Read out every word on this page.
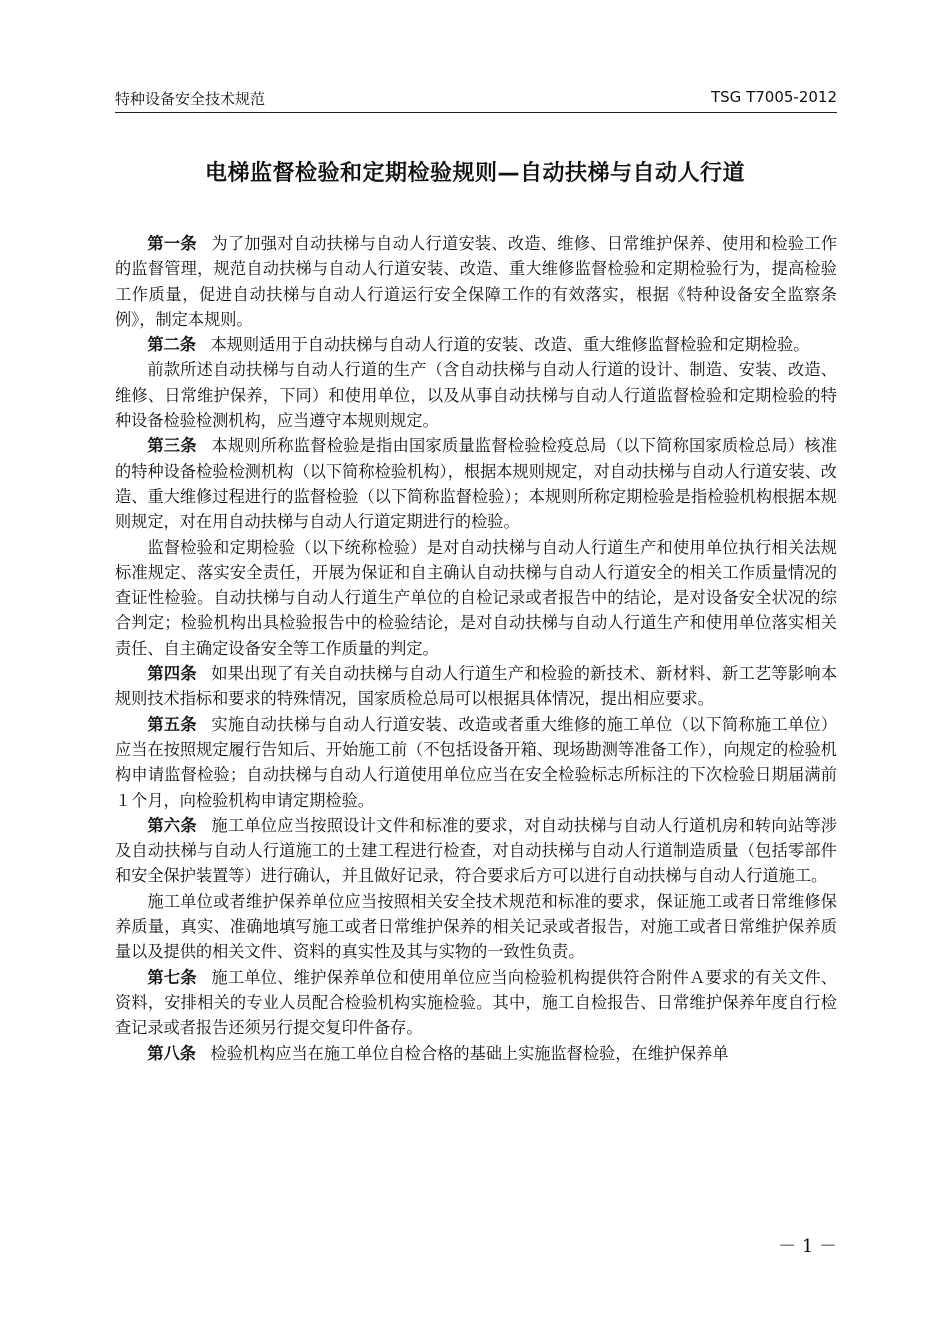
特种设备安全技术规范	TSG T7005-2012
电梯监督检验和定期检验规则—自动扶梯与自动人行道

第一条 为了加强对自动扶梯与自动人行道安装、改造、维修、日常维护保养、使用和检验工作的监督管理，规范自动扶梯与自动人行道安装、改造、重大维修监督检验和定期检验行为，提高检验工作质量，促进自动扶梯与自动人行道运行安全保障工作的有效落实，根据《特种设备安全监察条例》，制定本规则。

第二条 本规则适用于自动扶梯与自动人行道的安装、改造、重大维修监督检验和定期检验。

前款所述自动扶梯与自动人行道的生产（含自动扶梯与自动人行道的设计、制造、安装、改造、维修、日常维护保养，下同）和使用单位，以及从事自动扶梯与自动人行道监督检验和定期检验的特种设备检验检测机构，应当遵守本规则规定。

第三条 本规则所称监督检验是指由国家质量监督检验检疫总局（以下简称国家质检总局）核准的特种设备检验检测机构（以下简称检验机构），根据本规则规定，对自动扶梯与自动人行道安装、改造、重大维修过程进行的监督检验（以下简称监督检验）；本规则所称定期检验是指检验机构根据本规则规定，对在用自动扶梯与自动人行道定期进行的检验。

监督检验和定期检验（以下统称检验）是对自动扶梯与自动人行道生产和使用单位执行相关法规标准规定、落实安全责任，开展为保证和自主确认自动扶梯与自动人行道安全的相关工作质量情况的查证性检验。自动扶梯与自动人行道生产单位的自检记录或者报告中的结论，是对设备安全状况的综合判定；检验机构出具检验报告中的检验结论，是对自动扶梯与自动人行道生产和使用单位落实相关责任、自主确定设备安全等工作质量的判定。

第四条 如果出现了有关自动扶梯与自动人行道生产和检验的新技术、新材料、新工艺等影响本规则技术指标和要求的特殊情况，国家质检总局可以根据具体情况，提出相应要求。

第五条 实施自动扶梯与自动人行道安装、改造或者重大维修的施工单位（以下简称施工单位）应当在按照规定履行告知后、开始施工前（不包括设备开箱、现场勘测等准备工作），向规定的检验机构申请监督检验；自动扶梯与自动人行道使用单位应当在安全检验标志所标注的下次检验日期届满前１个月，向检验机构申请定期检验。

第六条 施工单位应当按照设计文件和标准的要求，对自动扶梯与自动人行道机房和转向站等涉及自动扶梯与自动人行道施工的土建工程进行检查，对自动扶梯与自动人行道制造质量（包括零部件和安全保护装置等）进行确认，并且做好记录，符合要求后方可以进行自动扶梯与自动人行道施工。

施工单位或者维护保养单位应当按照相关安全技术规范和标准的要求，保证施工或者日常维修保养质量，真实、准确地填写施工或者日常维护保养的相关记录或者报告，对施工或者日常维护保养质量以及提供的相关文件、资料的真实性及其与实物的一致性负责。

第七条 施工单位、维护保养单位和使用单位应当向检验机构提供符合附件Ａ要求的有关文件、资料，安排相关的专业人员配合检验机构实施检验。其中，施工自检报告、日常维护保养年度自行检查记录或者报告还须另行提交复印件备存。

第八条 检验机构应当在施工单位自检合格的基础上实施监督检验，在维护保养单

－ 1 －
